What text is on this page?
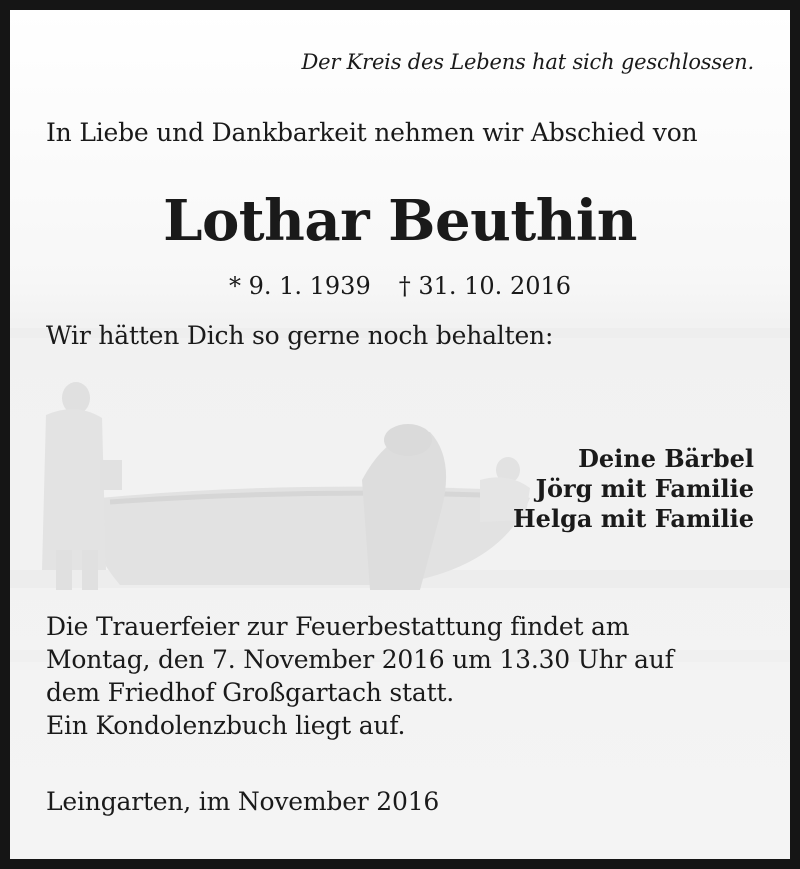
Der Kreis des Lebens hat sich geschlossen.
In Liebe und Dankbarkeit nehmen wir Abschied von
Lothar Beuthin
* 9. 1. 1939 † 31. 10. 2016
Wir hätten Dich so gerne noch behalten:
Deine Bärbel
Jörg mit Familie
Helga mit Familie
Die Trauerfeier zur Feuerbestattung findet am
Montag, den 7. November 2016 um 13.30 Uhr auf
dem Friedhof Großgartach statt.
Ein Kondolenzbuch liegt auf.
Leingarten, im November 2016
